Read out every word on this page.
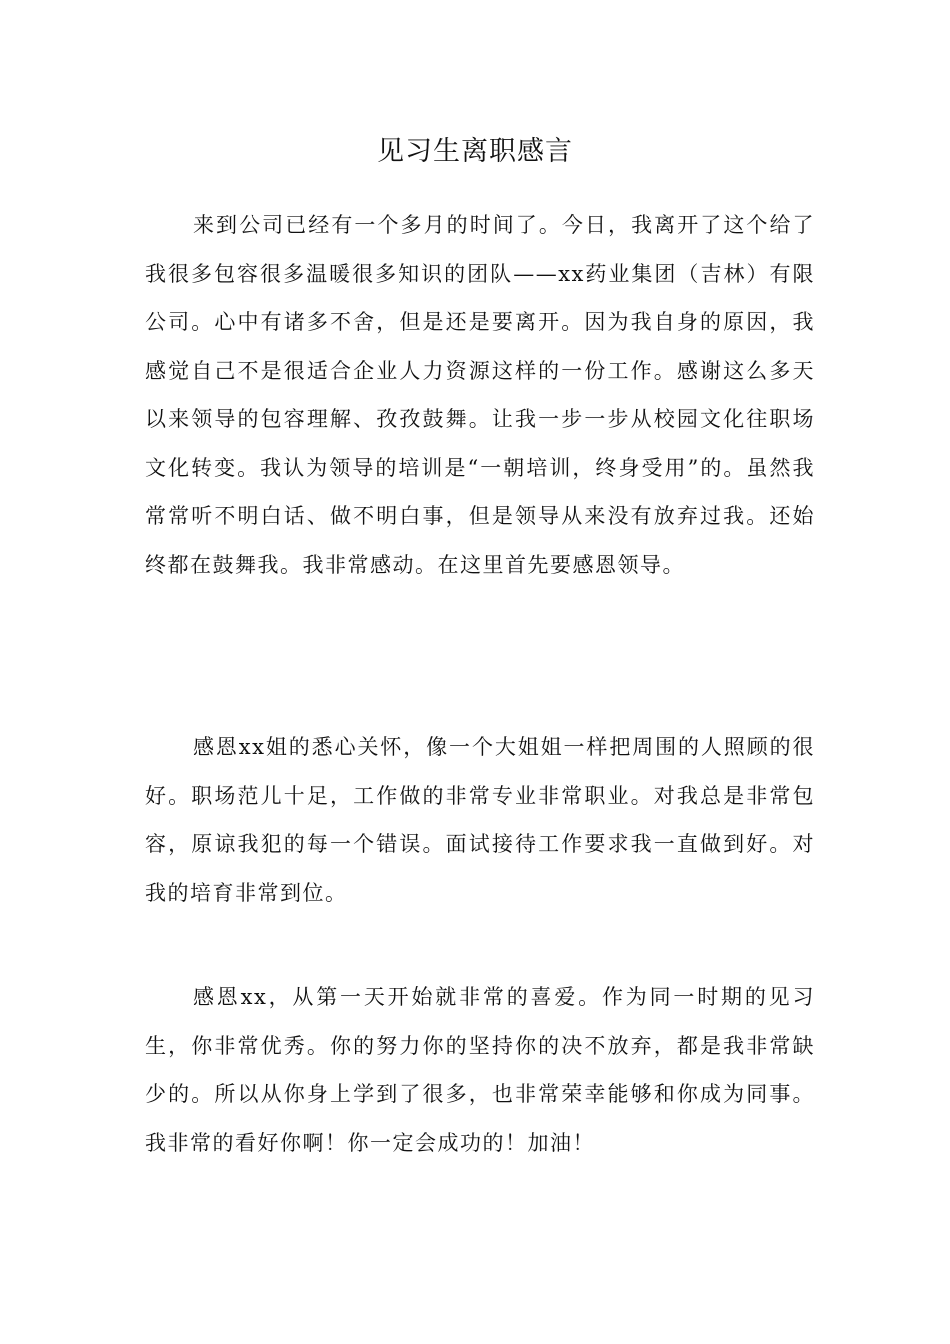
见习生离职感言

来到公司已经有一个多月的时间了。今日，我离开了这个给了我很多包容很多温暖很多知识的团队——xx药业集团（吉林）有限公司。心中有诸多不舍，但是还是要离开。因为我自身的原因，我感觉自己不是很适合企业人力资源这样的一份工作。感谢这么多天以来领导的包容理解、孜孜鼓舞。让我一步一步从校园文化往职场文化转变。我认为领导的培训是“一朝培训，终身受用”的。虽然我常常听不明白话、做不明白事，但是领导从来没有放弃过我。还始终都在鼓舞我。我非常感动。在这里首先要感恩领导。

感恩xx姐的悉心关怀，像一个大姐姐一样把周围的人照顾的很好。职场范儿十足，工作做的非常专业非常职业。对我总是非常包容，原谅我犯的每一个错误。面试接待工作要求我一直做到好。对我的培育非常到位。

感恩xx，从第一天开始就非常的喜爱。作为同一时期的见习生，你非常优秀。你的努力你的坚持你的决不放弃，都是我非常缺少的。所以从你身上学到了很多，也非常荣幸能够和你成为同事。我非常的看好你啊！你一定会成功的！加油！
